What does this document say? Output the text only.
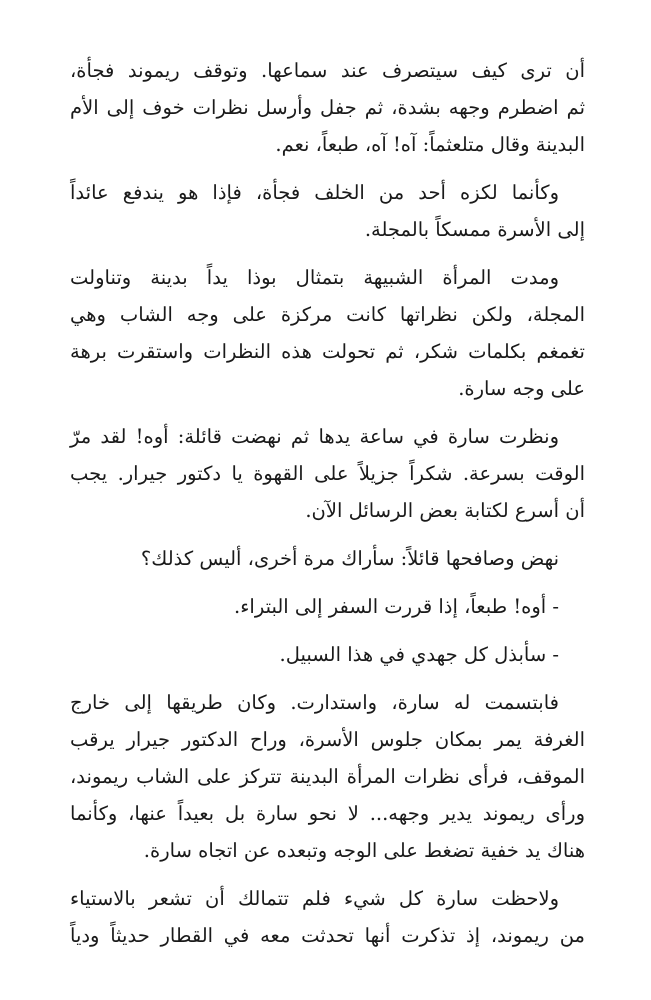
أن ترى كيف سيتصرف عند سماعها. وتوقف ريموند فجأة،
ثم اضطرم وجهه بشدة، ثم جفل وأرسل نظرات خوف إلى الأم
البدينة وقال متلعثماً: آه! آه، طبعاً، نعم.

وكأنما لكزه أحد من الخلف فجأة، فإذا هو يندفع عائداً
إلى الأسرة ممسكاً بالمجلة.

ومدت المرأة الشبيهة بتمثال بوذا يداً بدينة وتناولت
المجلة، ولكن نظراتها كانت مركزة على وجه الشاب وهي
تغمغم بكلمات شكر، ثم تحولت هذه النظرات واستقرت برهة
على وجه سارة.

ونظرت سارة في ساعة يدها ثم نهضت قائلة: أوه! لقد مرّ
الوقت بسرعة. شكراً جزيلاً على القهوة يا دكتور جيرار. يجب
أن أسرع لكتابة بعض الرسائل الآن.

نهض وصافحها قائلاً: سأراك مرة أخرى، أليس كذلك؟

- أوه! طبعاً، إذا قررت السفر إلى البتراء.

- سأبذل كل جهدي في هذا السبيل.

فابتسمت له سارة، واستدارت. وكان طريقها إلى خارج
الغرفة يمر بمكان جلوس الأسرة، وراح الدكتور جيرار يرقب
الموقف، فرأى نظرات المرأة البدينة تتركز على الشاب ريموند،
ورأى ريموند يدير وجهه... لا نحو سارة بل بعيداً عنها، وكأنما
هناك يد خفية تضغط على الوجه وتبعده عن اتجاه سارة.

ولاحظت سارة كل شيء فلم تتمالك أن تشعر بالاستياء
من ريموند، إذ تذكرت أنها تحدثت معه في القطار حديثاً ودياً
